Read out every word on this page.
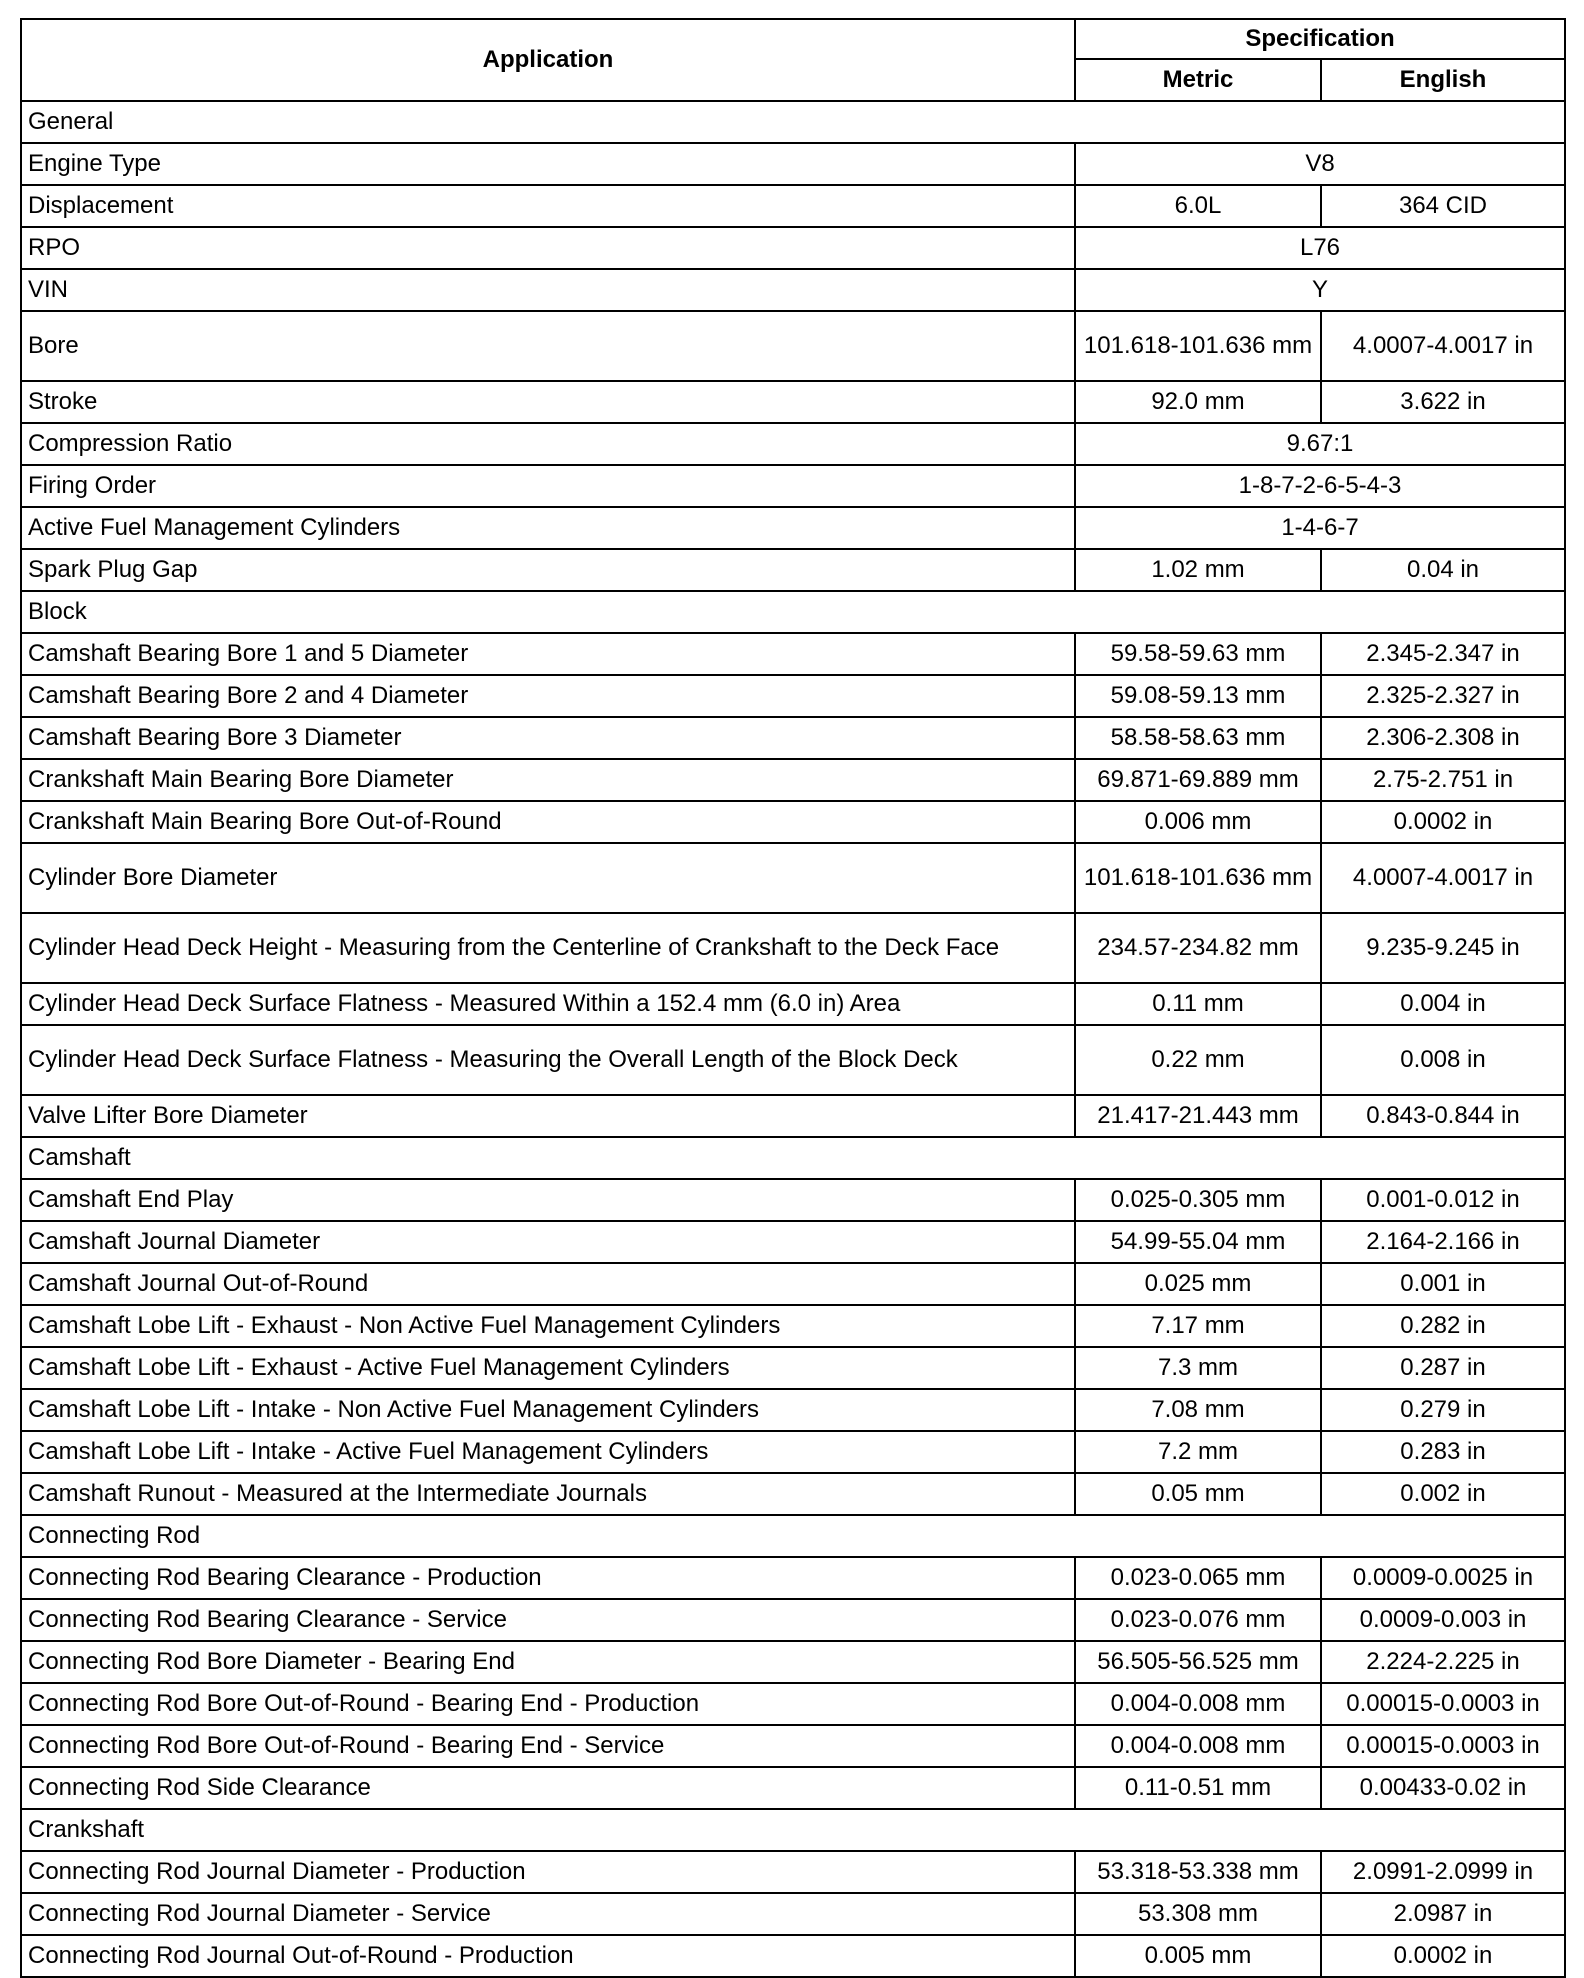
Application	Specification	
	Metric	English
General		
Engine Type	V8	
Displacement	6.0L	364 CID
RPO	L76	
VIN	Y	
Bore	101.618-101.636 mm	4.0007-4.0017 in
Stroke	92.0 mm	3.622 in
Compression Ratio	9.67:1	
Firing Order	1-8-7-2-6-5-4-3	
Active Fuel Management Cylinders	1-4-6-7	
Spark Plug Gap	1.02 mm	0.04 in
Block		
Camshaft Bearing Bore 1 and 5 Diameter	59.58-59.63 mm	2.345-2.347 in
Camshaft Bearing Bore 2 and 4 Diameter	59.08-59.13 mm	2.325-2.327 in
Camshaft Bearing Bore 3 Diameter	58.58-58.63 mm	2.306-2.308 in
Crankshaft Main Bearing Bore Diameter	69.871-69.889 mm	2.75-2.751 in
Crankshaft Main Bearing Bore Out-of-Round	0.006 mm	0.0002 in
Cylinder Bore Diameter	101.618-101.636 mm	4.0007-4.0017 in
Cylinder Head Deck Height - Measuring from the Centerline of Crankshaft to the Deck Face	234.57-234.82 mm	9.235-9.245 in
Cylinder Head Deck Surface Flatness - Measured Within a 152.4 mm (6.0 in) Area	0.11 mm	0.004 in
Cylinder Head Deck Surface Flatness - Measuring the Overall Length of the Block Deck	0.22 mm	0.008 in
Valve Lifter Bore Diameter	21.417-21.443 mm	0.843-0.844 in
Camshaft		
Camshaft End Play	0.025-0.305 mm	0.001-0.012 in
Camshaft Journal Diameter	54.99-55.04 mm	2.164-2.166 in
Camshaft Journal Out-of-Round	0.025 mm	0.001 in
Camshaft Lobe Lift - Exhaust - Non Active Fuel Management Cylinders	7.17 mm	0.282 in
Camshaft Lobe Lift - Exhaust - Active Fuel Management Cylinders	7.3 mm	0.287 in
Camshaft Lobe Lift - Intake - Non Active Fuel Management Cylinders	7.08 mm	0.279 in
Camshaft Lobe Lift - Intake - Active Fuel Management Cylinders	7.2 mm	0.283 in
Camshaft Runout - Measured at the Intermediate Journals	0.05 mm	0.002 in
Connecting Rod		
Connecting Rod Bearing Clearance - Production	0.023-0.065 mm	0.0009-0.0025 in
Connecting Rod Bearing Clearance - Service	0.023-0.076 mm	0.0009-0.003 in
Connecting Rod Bore Diameter - Bearing End	56.505-56.525 mm	2.224-2.225 in
Connecting Rod Bore Out-of-Round - Bearing End - Production	0.004-0.008 mm	0.00015-0.0003 in
Connecting Rod Bore Out-of-Round - Bearing End - Service	0.004-0.008 mm	0.00015-0.0003 in
Connecting Rod Side Clearance	0.11-0.51 mm	0.00433-0.02 in
Crankshaft		
Connecting Rod Journal Diameter - Production	53.318-53.338 mm	2.0991-2.0999 in
Connecting Rod Journal Diameter - Service	53.308 mm	2.0987 in
Connecting Rod Journal Out-of-Round - Production	0.005 mm	0.0002 in
